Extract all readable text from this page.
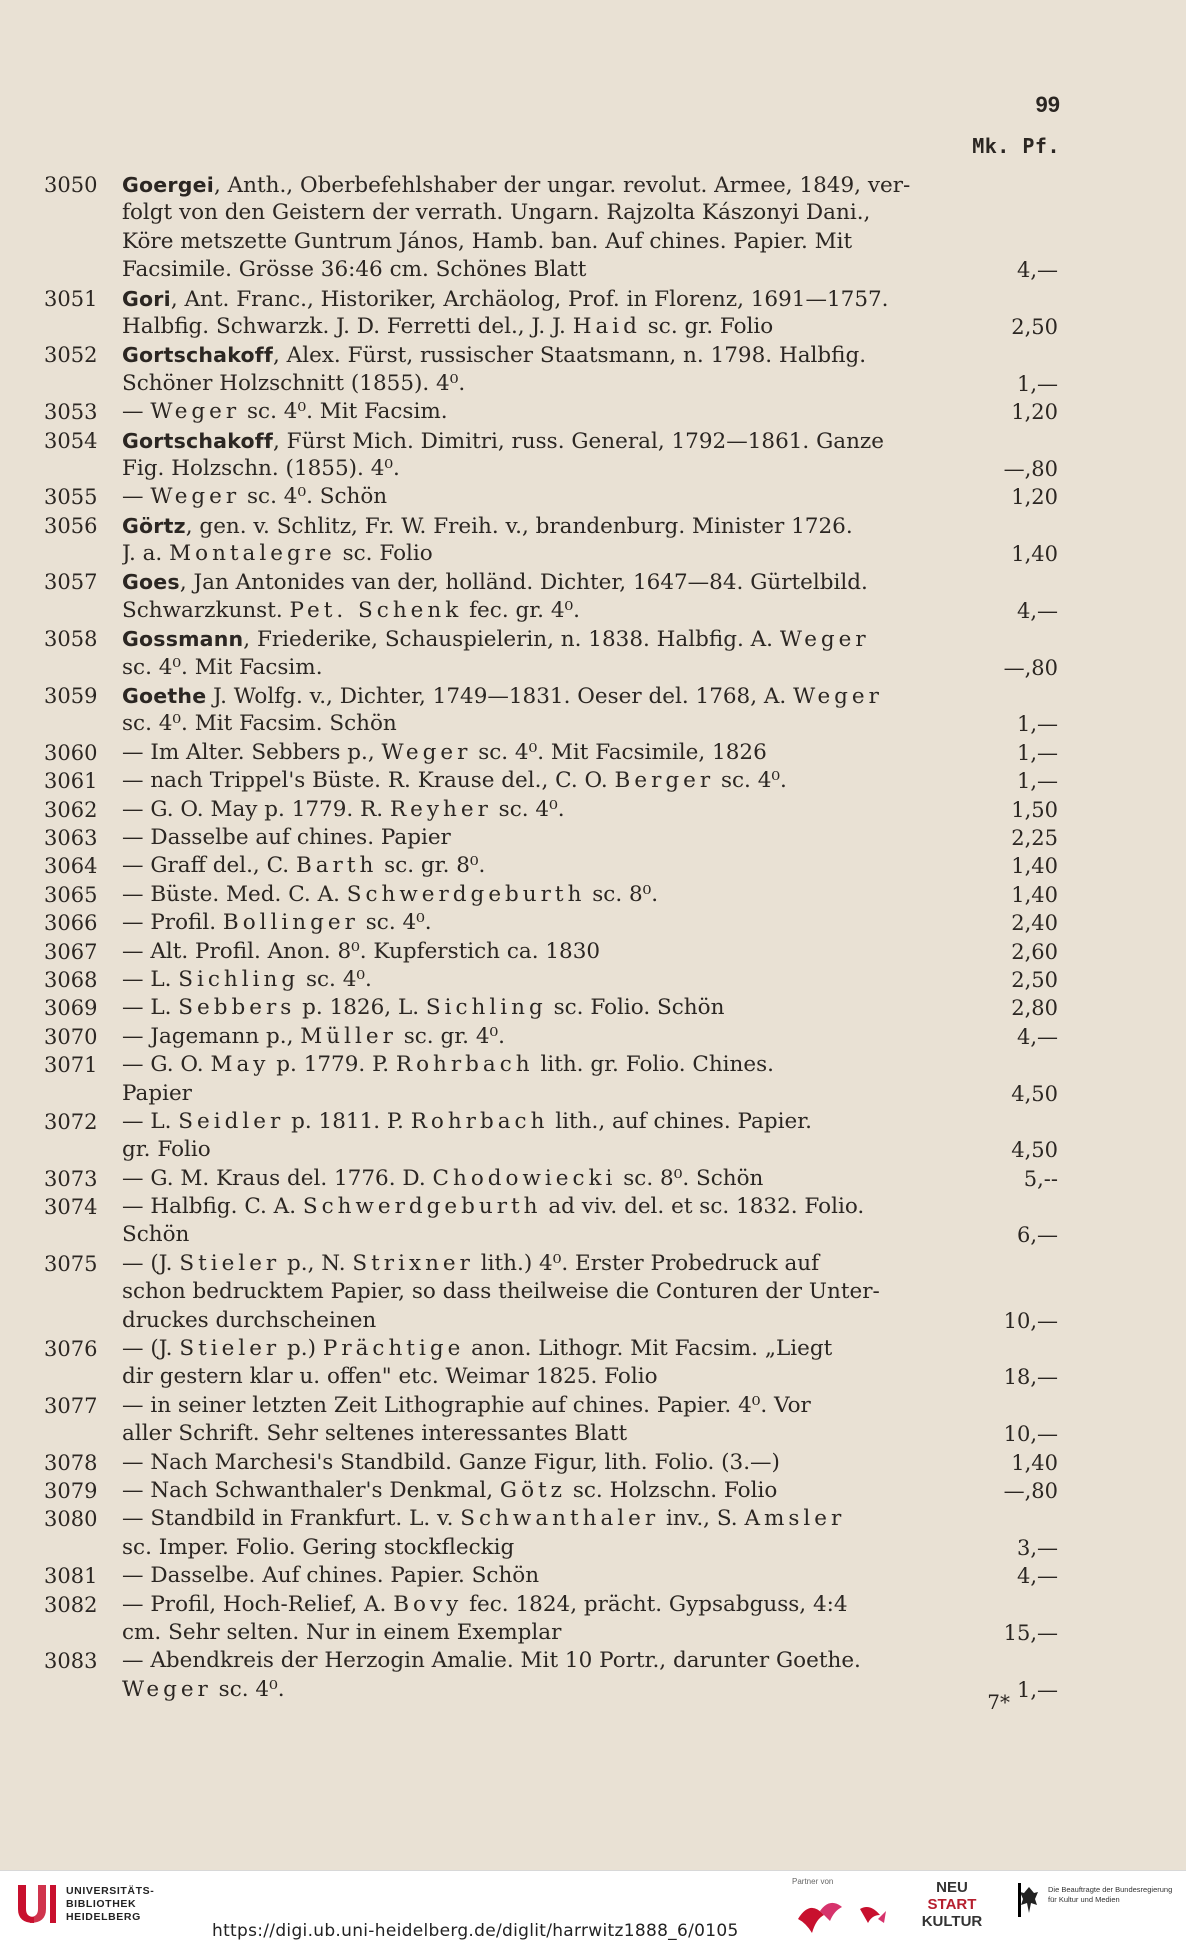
99
Mk. Pf.
3050	Goergei, Anth., Oberbefehlshaber der ungar. revolut. Armee, 1849, ver-
folgt von den Geistern der verrath. Ungarn. Rajzolta Kászonyi Dani.,
Köre metszette Guntrum János, Hamb. ban. Auf chines. Papier. Mit
Facsimile. Grösse 36:46 cm. Schönes Blatt	4,—
3051	Gori, Ant. Franc., Historiker, Archäolog, Prof. in Florenz, 1691—1757.
Halbfig. Schwarzk. J. D. Ferretti del., J. J. Haid sc. gr. Folio	2,50
3052	Gortschakoff, Alex. Fürst, russischer Staatsmann, n. 1798. Halbfig.
Schöner Holzschnitt (1855). 4⁰.	1,—
3053	— Weger sc. 4⁰. Mit Facsim.	1,20
3054	Gortschakoff, Fürst Mich. Dimitri, russ. General, 1792—1861. Ganze
Fig. Holzschn. (1855). 4⁰.	—,80
3055	— Weger sc. 4⁰. Schön	1,20
3056	Görtz, gen. v. Schlitz, Fr. W. Freih. v., brandenburg. Minister 1726.
J. a. Montalegre sc. Folio	1,40
3057	Goes, Jan Antonides van der, holländ. Dichter, 1647—84. Gürtelbild.
Schwarzkunst. Pet. Schenk fec. gr. 4⁰.	4,—
3058	Gossmann, Friederike, Schauspielerin, n. 1838. Halbfig. A. Weger
sc. 4⁰. Mit Facsim.	—,80
3059	Goethe J. Wolfg. v., Dichter, 1749—1831. Oeser del. 1768, A. Weger
sc. 4⁰. Mit Facsim. Schön	1,—
3060	— Im Alter. Sebbers p., Weger sc. 4⁰. Mit Facsimile, 1826	1,—
3061	— nach Trippel's Büste. R. Krause del., C. O. Berger sc. 4⁰.	1,—
3062	— G. O. May p. 1779. R. Reyher sc. 4⁰.	1,50
3063	— Dasselbe auf chines. Papier	2,25
3064	— Graff del., C. Barth sc. gr. 8⁰.	1,40
3065	— Büste. Med. C. A. Schwerdgeburth sc. 8⁰.	1,40
3066	— Profil. Bollinger sc. 4⁰.	2,40
3067	— Alt. Profil. Anon. 8⁰. Kupferstich ca. 1830	2,60
3068	— L. Sichling sc. 4⁰.	2,50
3069	— L. Sebbers p. 1826, L. Sichling sc. Folio. Schön	2,80
3070	— Jagemann p., Müller sc. gr. 4⁰.	4,—
3071	— G. O. May p. 1779. P. Rohrbach lith. gr. Folio. Chines.
Papier	4,50
3072	— L. Seidler p. 1811. P. Rohrbach lith., auf chines. Papier.
gr. Folio	4,50
3073	— G. M. Kraus del. 1776. D. Chodowiecki sc. 8⁰. Schön	5,--
3074	— Halbfig. C. A. Schwerdgeburth ad viv. del. et sc. 1832. Folio.
Schön	6,—
3075	— (J. Stieler p., N. Strixner lith.) 4⁰. Erster Probedruck auf
schon bedrucktem Papier, so dass theilweise die Conturen der Unter-
druckes durchscheinen	10,—
3076	— (J. Stieler p.) Prächtige anon. Lithogr. Mit Facsim. „Liegt
dir gestern klar u. offen" etc. Weimar 1825. Folio	18,—
3077	— in seiner letzten Zeit Lithographie auf chines. Papier. 4⁰. Vor
aller Schrift. Sehr seltenes interessantes Blatt	10,—
3078	— Nach Marchesi's Standbild. Ganze Figur, lith. Folio. (3.—)	1,40
3079	— Nach Schwanthaler's Denkmal, Götz sc. Holzschn. Folio	—,80
3080	— Standbild in Frankfurt. L. v. Schwanthaler inv., S. Amsler
sc. Imper. Folio. Gering stockfleckig	3,—
3081	— Dasselbe. Auf chines. Papier. Schön	4,—
3082	— Profil, Hoch-Relief, A. Bovy fec. 1824, prächt. Gypsabguss, 4:4
cm. Sehr selten. Nur in einem Exemplar	15,—
3083	— Abendkreis der Herzogin Amalie. Mit 10 Portr., darunter Goethe.
Weger sc. 4⁰.	1,—
7*
UNIVERSITÄTS-
BIBLIOTHEK
HEIDELBERG
https://digi.ub.uni-heidelberg.de/diglit/harrwitz1888_6/0105
Partner von	NEU
START
KULTUR
Die Beauftragte der Bundesregierung
für Kultur und Medien
